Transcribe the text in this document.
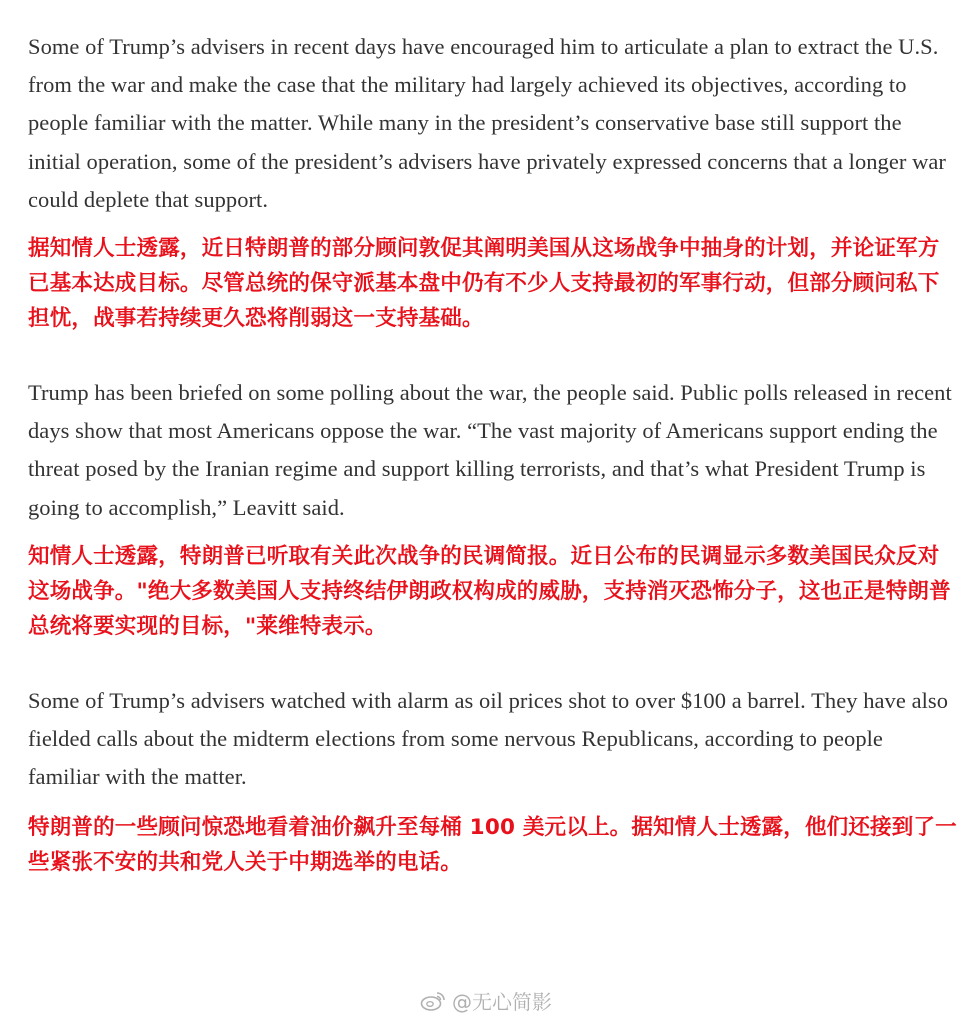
Some of Trump’s advisers in recent days have encouraged him to articulate a plan to extract the U.S. from the war and make the case that the military had largely achieved its objectives, according to people familiar with the matter. While many in the president’s conservative base still support the initial operation, some of the president’s advisers have privately expressed concerns that a longer war could deplete that support.

据知情人士透露，近日特朗普的部分顾问敦促其阐明美国从这场战争中抽身的计划，并论证军方已基本达成目标。尽管总统的保守派基本盘中仍有不少人支持最初的军事行动，但部分顾问私下担忧，战事若持续更久恐将削弱这一支持基础。

Trump has been briefed on some polling about the war, the people said. Public polls released in recent days show that most Americans oppose the war. “The vast majority of Americans support ending the threat posed by the Iranian regime and support killing terrorists, and that’s what President Trump is going to accomplish,” Leavitt said.

知情人士透露，特朗普已听取有关此次战争的民调简报。近日公布的民调显示多数美国民众反对这场战争。"绝大多数美国人支持终结伊朗政权构成的威胁，支持消灭恐怖分子，这也正是特朗普总统将要实现的目标，"莱维特表示。

Some of Trump’s advisers watched with alarm as oil prices shot to over $100 a barrel. They have also fielded calls about the midterm elections from some nervous Republicans, according to people familiar with the matter.

特朗普的一些顾问惊恐地看着油价飙升至每桶 100 美元以上。据知情人士透露，他们还接到了一些紧张不安的共和党人关于中期选举的电话。

@无心简影
